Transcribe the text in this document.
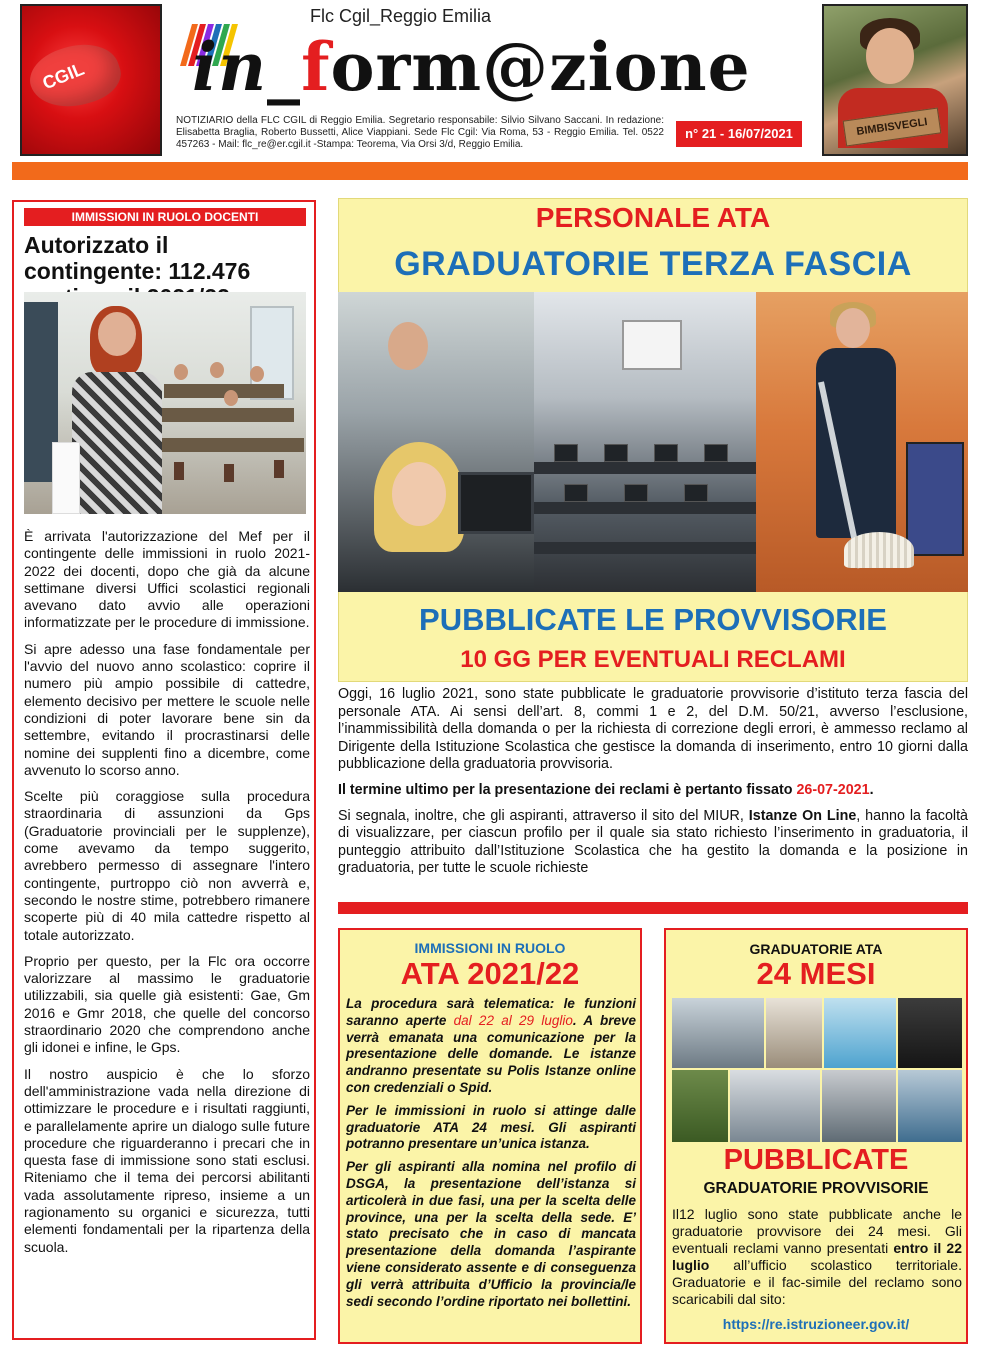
CGIL
Flc Cgil_Reggio Emilia
in_form@zione
NOTIZIARIO della FLC CGIL di Reggio Emilia. Segretario responsabile: Silvio Silvano Saccani. In redazione: Elisabetta Braglia, Roberto Bussetti, Alice Viappiani. Sede Flc Cgil: Via Roma, 53 - Reggio Emilia. Tel. 0522 457263 - Mail: flc_re@er.cgil.it -Stampa: Teorema, Via Orsi 3/d, Reggio Emilia.
n° 21 - 16/07/2021	BIMBISVEGLI
IMMISSIONI IN RUOLO DOCENTI
Autorizzato il contingente: 112.476

È arrivata l'autorizzazione del Mef per il contingente delle immissioni in ruolo 2021-2022 dei docenti, dopo che già da alcune settimane diversi Uffici scolastici regionali avevano dato avvio alle operazioni informatizzate per le procedure di immissione.

Si apre adesso una fase fondamentale per l'avvio del nuovo anno scolastico: coprire il numero più ampio possibile di cattedre, elemento decisivo per mettere le scuole nelle condizioni di poter lavorare bene sin da settembre, evitando il procrastinarsi delle nomine dei supplenti fino a dicembre, come avvenuto lo scorso anno.

Scelte più coraggiose sulla procedura straordinaria di assunzioni da Gps (Graduatorie provinciali per le supplenze), come avevamo da tempo suggerito, avrebbero permesso di assegnare l'intero contingente, purtroppo ciò non avverrà e, secondo le nostre stime, potrebbero rimanere scoperte più di 40 mila cattedre rispetto al totale autorizzato.

Proprio per questo, per la Flc ora occorre valorizzare al massimo le graduatorie utilizzabili, sia quelle già esistenti: Gae, Gm 2016 e Gmr 2018, che quelle del concorso straordinario 2020 che comprendono anche gli idonei e infine, le Gps.

Il nostro auspicio è che lo sforzo dell'amministrazione vada nella direzione di ottimizzare le procedure e i risultati raggiunti, e parallelamente aprire un dialogo sulle future procedure che riguarderanno i precari che in questa fase di immissione sono stati esclusi. Riteniamo che il tema dei percorsi abilitanti vada assolutamente ripreso, insieme a un ragionamento su organici e sicurezza, tutti elementi fondamentali per la ripartenza della scuola.

PERSONALE ATA
GRADUATORIE TERZA FASCIA
PUBBLICATE LE PROVVISORIE
10 GG PER EVENTUALI RECLAMI

Oggi, 16 luglio 2021, sono state pubblicate le graduatorie provvisorie d’istituto terza fascia del personale ATA. Ai sensi dell’art. 8, commi 1 e 2, del D.M. 50/21, avverso l’esclusione, l’inammissibilità della domanda o per la richiesta di correzione degli errori, è ammesso reclamo al Dirigente della Istituzione Scolastica che gestisce la domanda di inserimento, entro 10 giorni dalla pubblicazione della graduatoria provvisoria.

Il termine ultimo per la presentazione dei reclami è pertanto fissato 26-07-2021.

Si segnala, inoltre, che gli aspiranti, attraverso il sito del MIUR, Istanze On Line, hanno la facoltà di visualizzare, per ciascun profilo per il quale sia stato richiesto l’inserimento in graduatoria, il punteggio attribuito dall’Istituzione Scolastica che ha gestito la domanda e la posizione in graduatoria, per tutte le scuole richieste

IMMISSIONI IN RUOLO
ATA 2021/22

La procedura sarà telematica: le funzioni saranno aperte dal 22 al 29 luglio. A breve verrà emanata una comunicazione per la presentazione delle domande. Le istanze andranno presentate su Polis Istanze online con credenziali o Spid.

Per le immissioni in ruolo si attinge dalle graduatorie ATA 24 mesi. Gli aspiranti potranno presentare un’unica istanza.

Per gli aspiranti alla nomina nel profilo di DSGA, la presentazione dell’istanza si articolerà in due fasi, una per la scelta delle province, una per la scelta della sede. E’ stato precisato che in caso di mancata presentazione della domanda l’aspirante viene considerato assente e di conseguenza gli verrà attribuita d’Ufficio la provincia/le sedi secondo l’ordine riportato nei bollettini.

GRADUATORIE ATA
24 MESI
PUBBLICATE
GRADUATORIE PROVVISORIE
Il12 luglio sono state pubblicate anche le graduatorie provvisore dei 24 mesi. Gli eventuali reclami vanno presentati entro il 22 luglio all’ufficio scolastico territoriale. Graduatorie e il fac-simile del reclamo sono scaricabili dal sito:
https://re.istruzioneer.gov.it/
